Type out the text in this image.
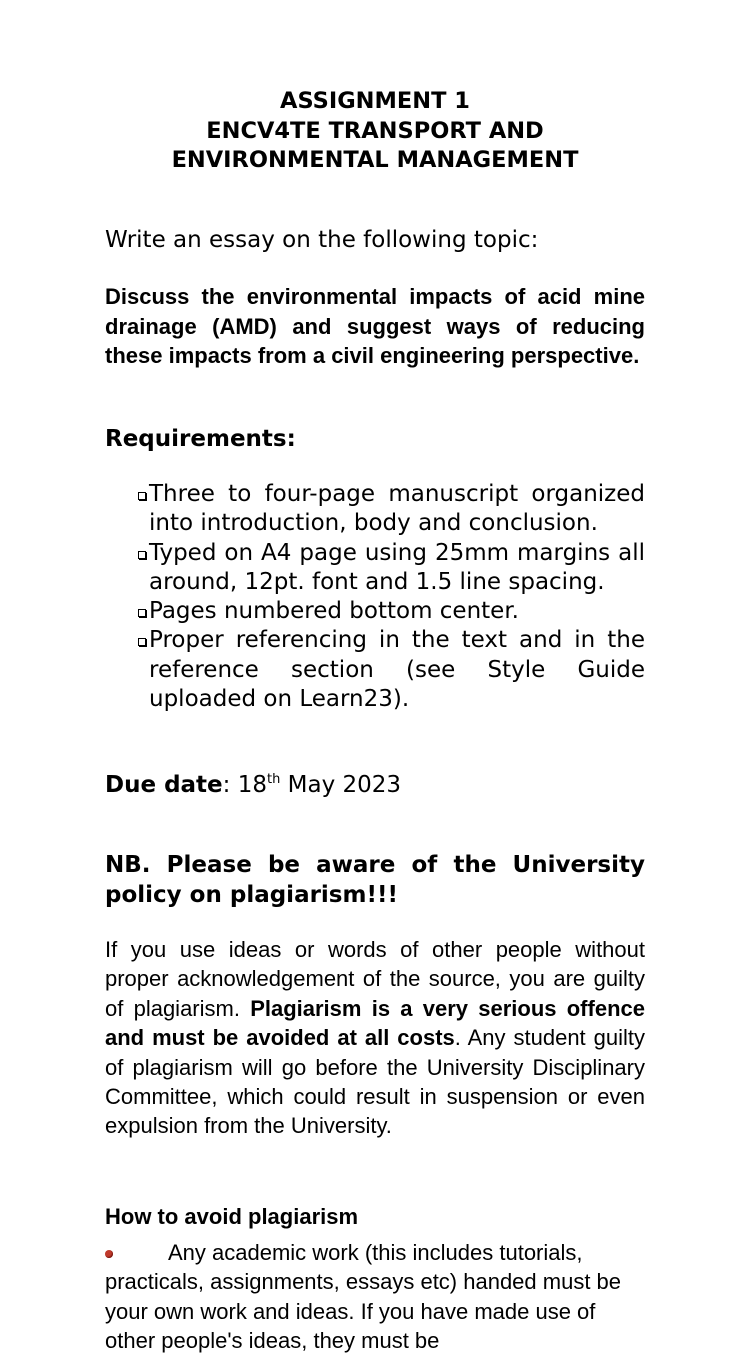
ASSIGNMENT 1
ENCV4TE TRANSPORT AND
ENVIRONMENTAL MANAGEMENT
Write an essay on the following topic:
Discuss the environmental impacts of acid mine drainage (AMD) and suggest ways of reducing these impacts from a civil engineering perspective.
Requirements:
Three to four-page manuscript organized into introduction, body and conclusion.
Typed on A4 page using 25mm margins all around, 12pt. font and 1.5 line spacing.
Pages numbered bottom center.
Proper referencing in the text and in the reference section (see Style Guide uploaded on Learn23).
Due date: 18th May 2023
NB. Please be aware of the University policy on plagiarism!!!
If you use ideas or words of other people without proper acknowledgement of the source, you are guilty of plagiarism. Plagiarism is a very serious offence and must be avoided at all costs. Any student guilty of plagiarism will go before the University Disciplinary Committee, which could result in suspension or even expulsion from the University.
How to avoid plagiarism
Any academic work (this includes tutorials, practicals, assignments, essays etc) handed must be your own work and ideas. If you have made use of other people's ideas, they must be
